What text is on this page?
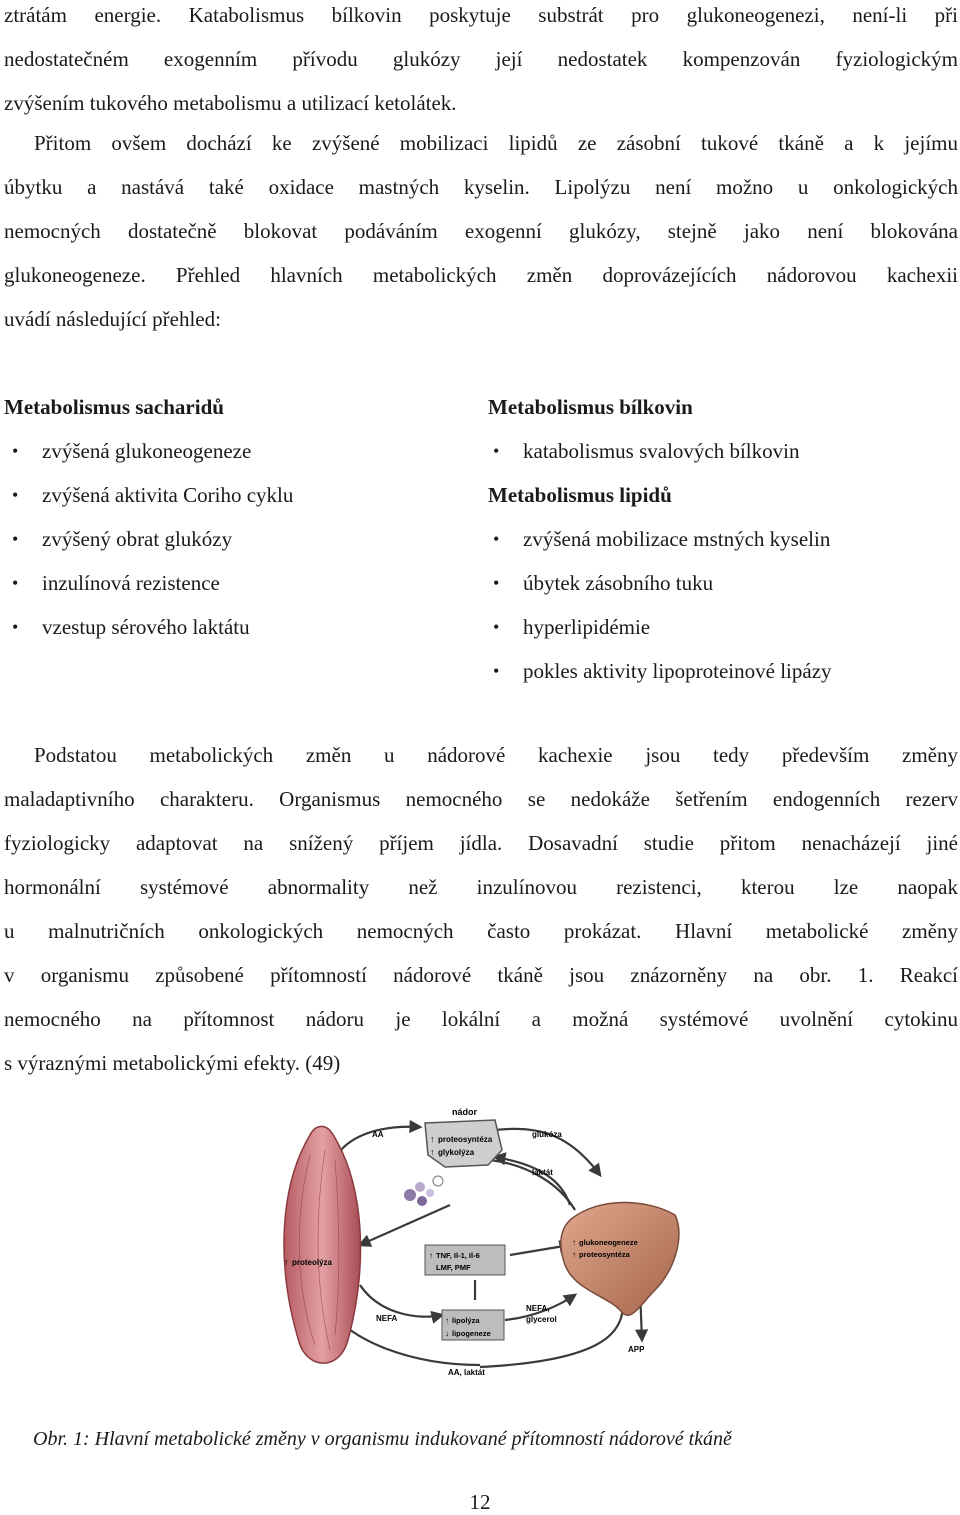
ztrátám energie. Katabolismus bílkovin poskytuje substrát pro glukoneogenezi, není-li při
nedostatečném exogenním přívodu glukózy její nedostatek kompenzován fyziologickým
zvýšením tukového metabolismu a utilizací ketolátek.
Přitom ovšem dochází ke zvýšené mobilizaci lipidů ze zásobní tukové tkáně a k jejímu
úbytku a nastává také oxidace mastných kyselin. Lipolýzu není možno u onkologických
nemocných dostatečně blokovat podáváním exogenní glukózy, stejně jako není blokována
glukoneogeneze. Přehled hlavních metabolických změn doprovázejících nádorovou kachexii
uvádí následující přehled:
Metabolismus sacharidů
• zvýšená glukoneogeneze
• zvýšená aktivita Coriho cyklu
• zvýšený obrat glukózy
• inzulínová rezistence
• vzestup sérového laktátu
Metabolismus bílkovin
• katabolismus svalových bílkovin
Metabolismus lipidů
• zvýšená mobilizace mstných kyselin
• úbytek zásobního tuku
• hyperlipidémie
• pokles aktivity lipoproteinové lipázy
Podstatou metabolických změn u nádorové kachexie jsou tedy především změny
maladaptivního charakteru. Organismus nemocného se nedokáže šetřením endogenních rezerv
fyziologicky adaptovat na snížený příjem jídla. Dosavadní studie přitom nenacházejí jiné
hormonální systémové abnormality než inzulínovou rezistenci, kterou lze naopak
u malnutričních onkologických nemocných často prokázat. Hlavní metabolické změny
v organismu způsobené přítomností nádorové tkáně jsou znázorněny na obr. 1. Reakcí
nemocného na přítomnost nádoru je lokální a možná systémové uvolnění cytokinu
s výraznými metabolickými efekty. (49)
proteolýza
↑
nádor
↑ proteosyntéza
↑ glykolýza
AA	glukóza
laktát
↑ TNF, Il-1, Il-6
LMF, PMF
↑ lipolýza
↓ lipogeneze
↑ glukoneogeneze
↑ proteosyntéza
NEFA
NEFA,
glycerol
APP
AA, laktát
Obr. 1: Hlavní metabolické změny v organismu indukované přítomností nádorové tkáně
12
